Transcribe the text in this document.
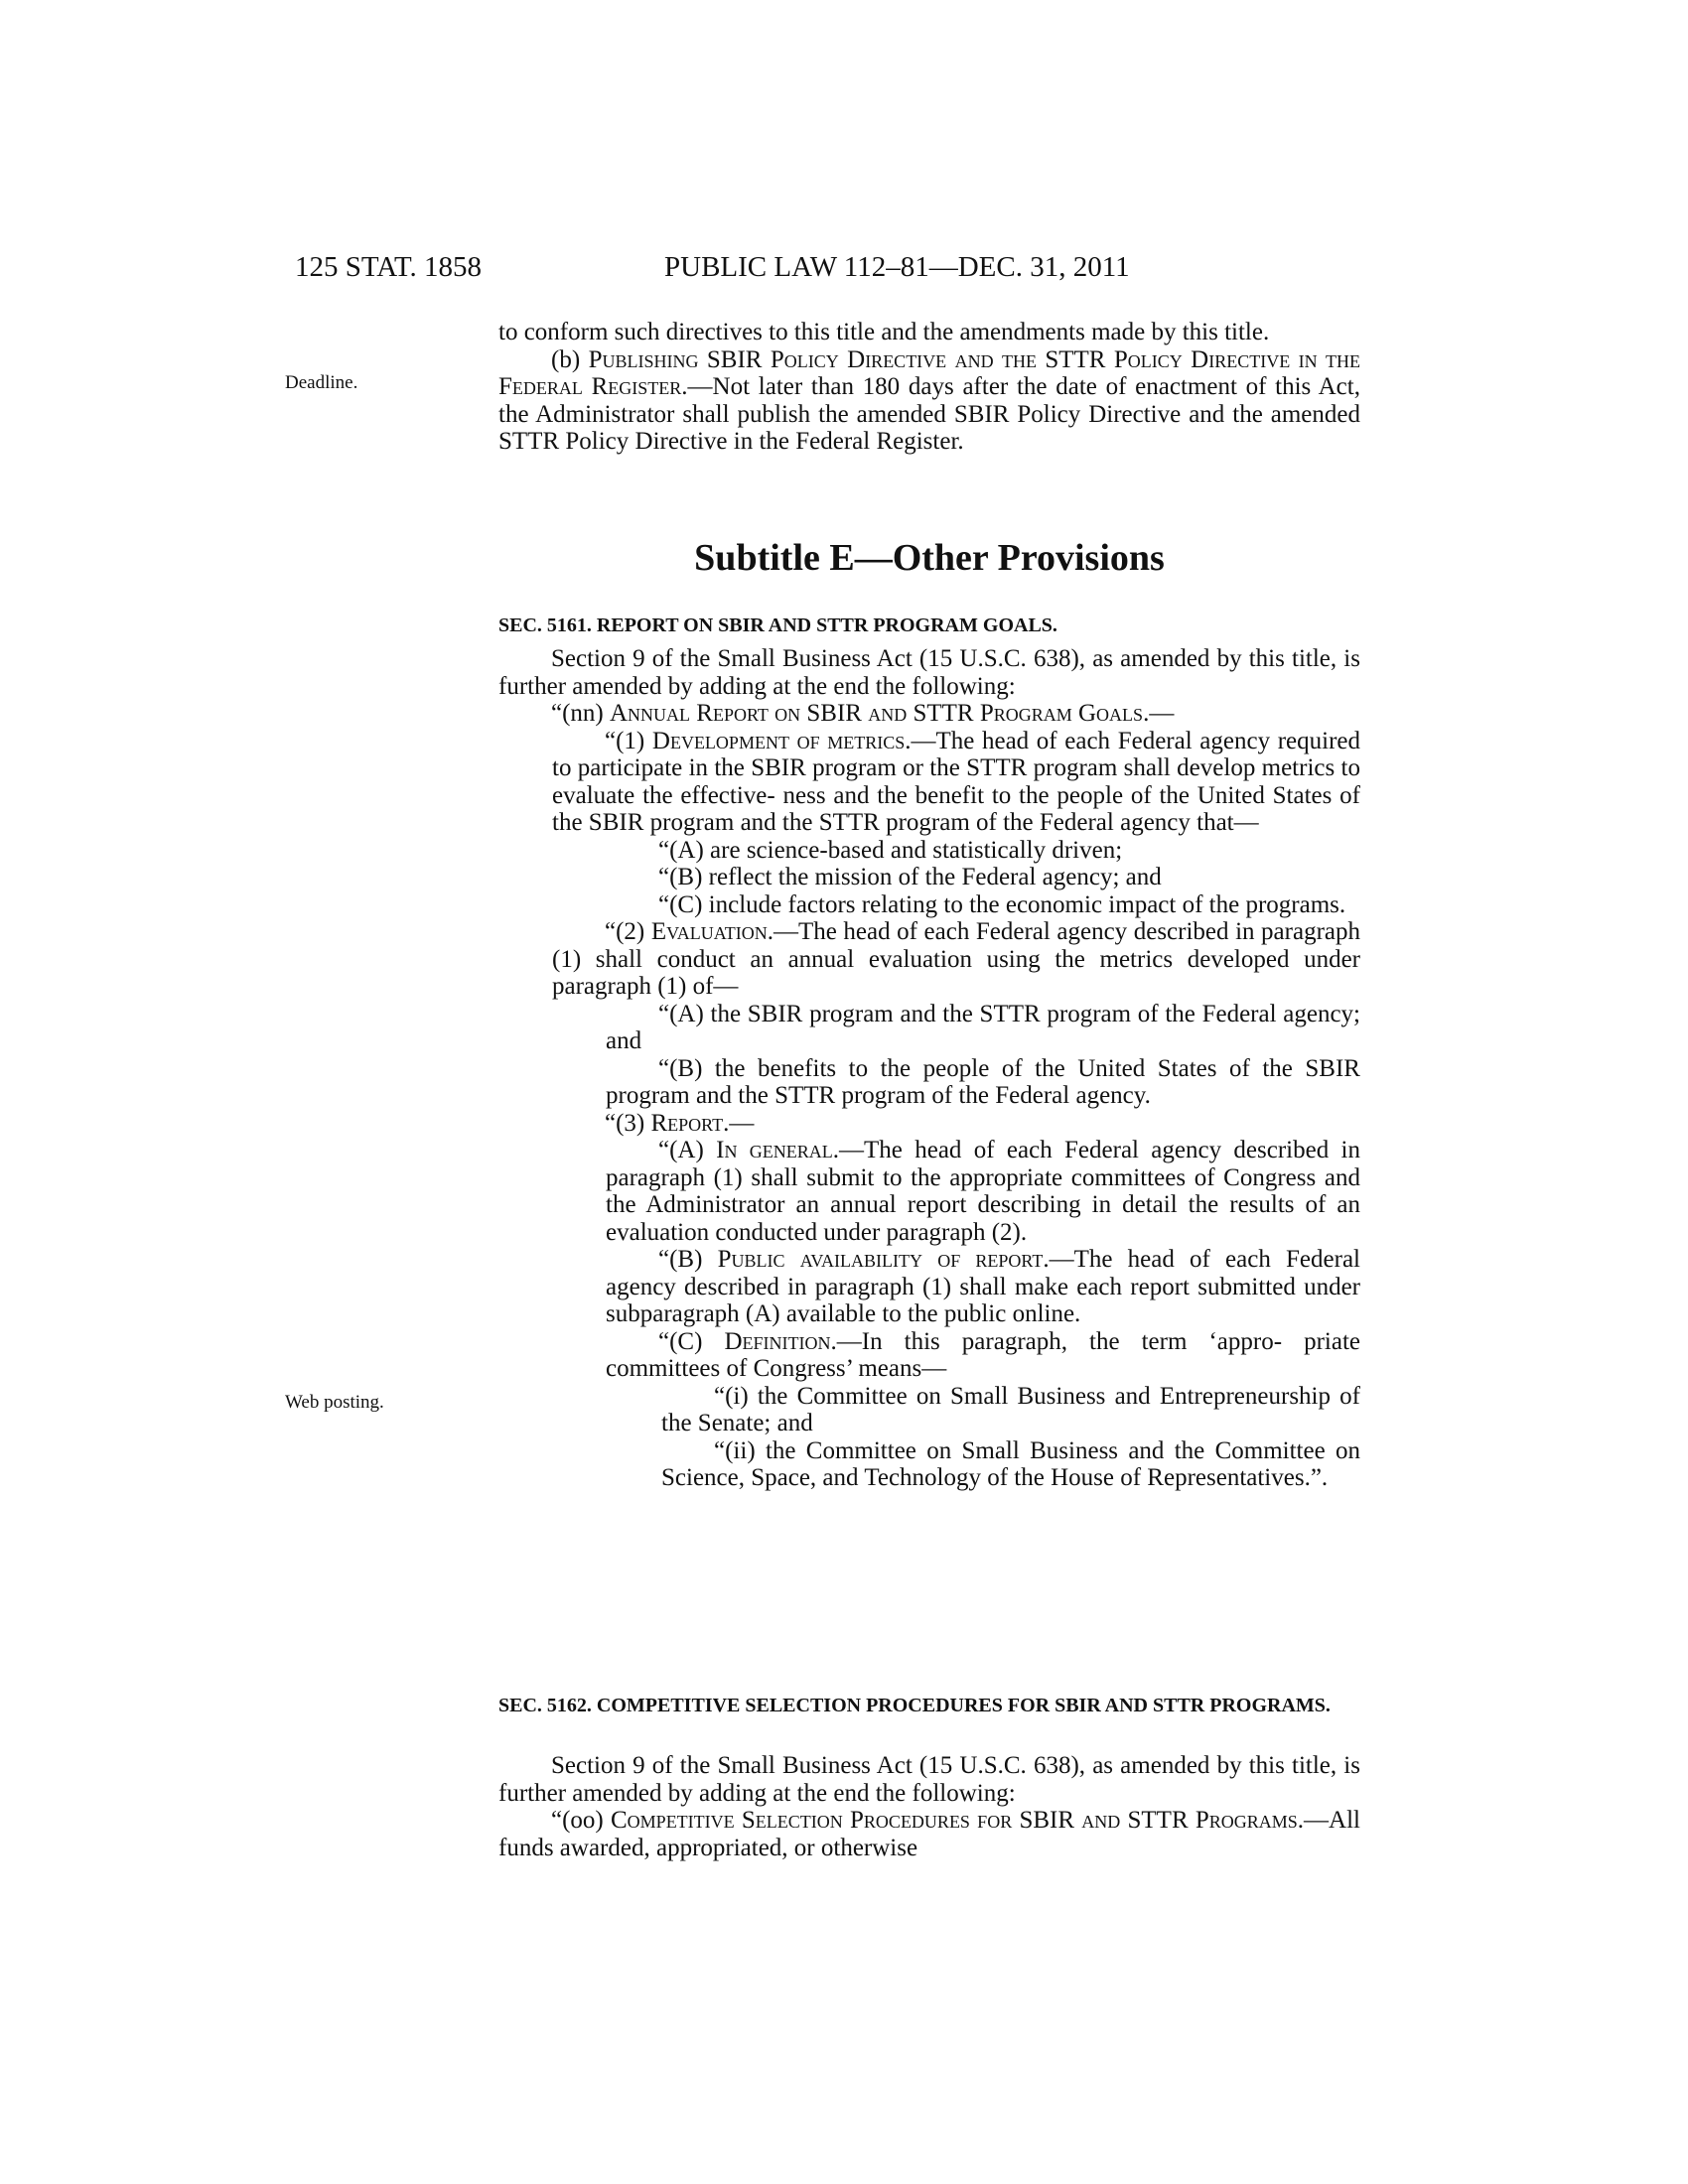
125 STAT. 1858	PUBLIC LAW 112–81—DEC. 31, 2011
Deadline.
Web posting.

to conform such directives to this title and the amendments made by this title.

(b) Publishing SBIR Policy Directive and the STTR Policy Directive in the Federal Register.—Not later than 180 days after the date of enactment of this Act, the Administrator shall publish the amended SBIR Policy Directive and the amended STTR Policy Directive in the Federal Register.

Subtitle E—Other Provisions
SEC. 5161. REPORT ON SBIR AND STTR PROGRAM GOALS.

Section 9 of the Small Business Act (15 U.S.C. 638), as amended by this title, is further amended by adding at the end the following:

“(nn) Annual Report on SBIR and STTR Program Goals.—

“(1) Development of metrics.—The head of each Federal agency required to participate in the SBIR program or the STTR program shall develop metrics to evaluate the effective- ness and the benefit to the people of the United States of the SBIR program and the STTR program of the Federal agency that—

“(A) are science-based and statistically driven;

“(B) reflect the mission of the Federal agency; and

“(C) include factors relating to the economic impact of the programs.

“(2) Evaluation.—The head of each Federal agency described in paragraph (1) shall conduct an annual evaluation using the metrics developed under paragraph (1) of—

“(A) the SBIR program and the STTR program of the Federal agency; and

“(B) the benefits to the people of the United States of the SBIR program and the STTR program of the Federal agency.

“(3) Report.—

“(A) In general.—The head of each Federal agency described in paragraph (1) shall submit to the appropriate committees of Congress and the Administrator an annual report describing in detail the results of an evaluation conducted under paragraph (2).

“(B) Public availability of report.—The head of each Federal agency described in paragraph (1) shall make each report submitted under subparagraph (A) available to the public online.

“(C) Definition.—In this paragraph, the term ‘appro- priate committees of Congress’ means—

“(i) the Committee on Small Business and Entrepreneurship of the Senate; and

“(ii) the Committee on Small Business and the Committee on Science, Space, and Technology of the House of Representatives.”.

SEC. 5162. COMPETITIVE SELECTION PROCEDURES FOR SBIR AND STTR PROGRAMS.

Section 9 of the Small Business Act (15 U.S.C. 638), as amended by this title, is further amended by adding at the end the following:

“(oo) Competitive Selection Procedures for SBIR and STTR Programs.—All funds awarded, appropriated, or otherwise
